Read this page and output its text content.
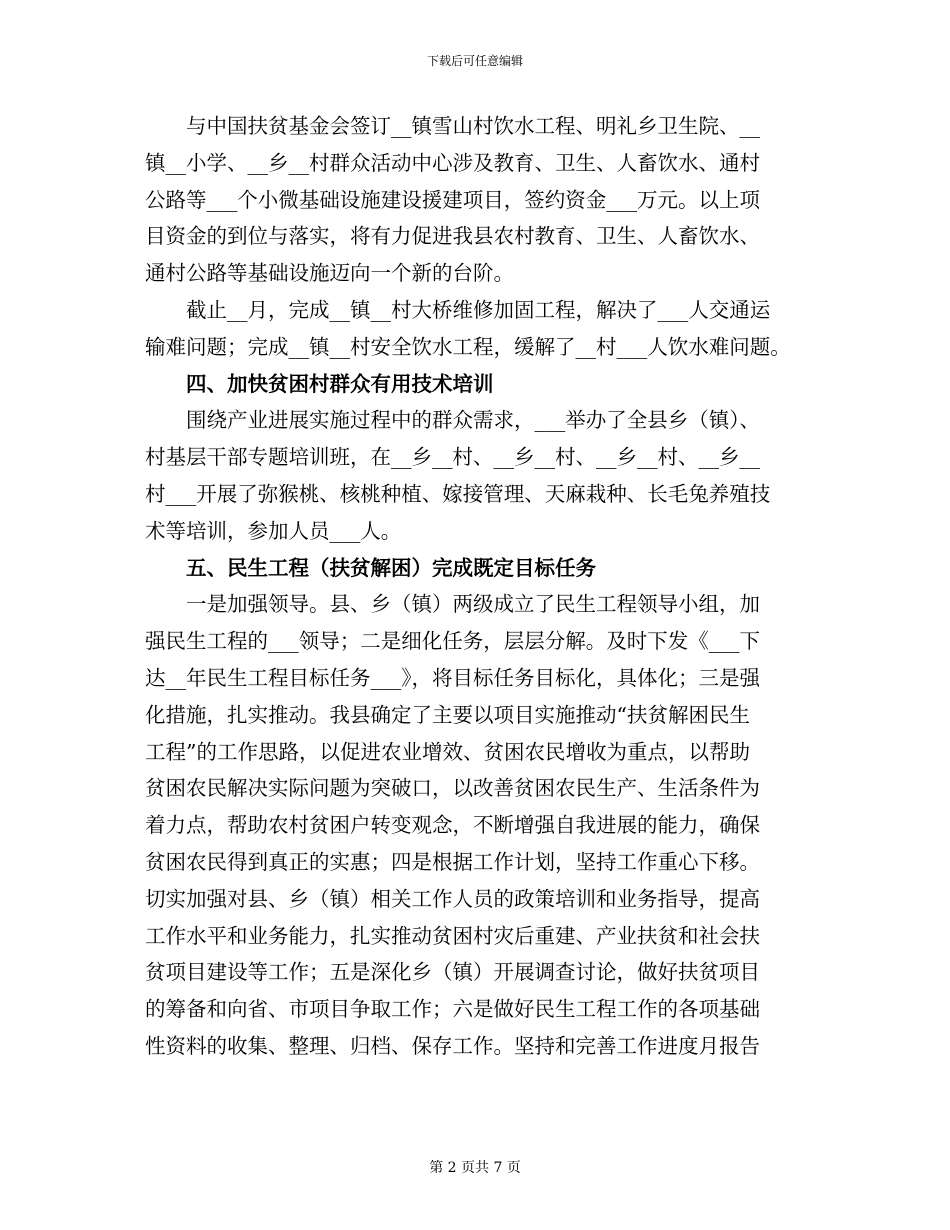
下载后可任意编辑
与中国扶贫基金会签订__镇雪山村饮水工程、明礼乡卫生院、__
镇__小学、__乡__村群众活动中心涉及教育、卫生、人畜饮水、通村
公路等___个小微基础设施建设援建项目，签约资金___万元。以上项
目资金的到位与落实，将有力促进我县农村教育、卫生、人畜饮水、
通村公路等基础设施迈向一个新的台阶。
截止__月，完成__镇__村大桥维修加固工程，解决了___人交通运
输难问题；完成__镇__村安全饮水工程，缓解了__村___人饮水难问题。
四、加快贫困村群众有用技术培训
围绕产业进展实施过程中的群众需求，___举办了全县乡（镇）、
村基层干部专题培训班，在__乡__村、__乡__村、__乡__村、__乡__
村___开展了弥猴桃、核桃种植、嫁接管理、天麻栽种、长毛兔养殖技
术等培训，参加人员___人。
五、民生工程（扶贫解困）完成既定目标任务
一是加强领导。县、乡（镇）两级成立了民生工程领导小组，加
强民生工程的___领导；二是细化任务，层层分解。及时下发《___下
达__年民生工程目标任务___》，将目标任务目标化，具体化；三是强
化措施，扎实推动。我县确定了主要以项目实施推动“扶贫解困民生
工程”的工作思路，以促进农业增效、贫困农民增收为重点，以帮助
贫困农民解决实际问题为突破口，以改善贫困农民生产、生活条件为
着力点，帮助农村贫困户转变观念，不断增强自我进展的能力，确保
贫困农民得到真正的实惠；四是根据工作计划，坚持工作重心下移。
切实加强对县、乡（镇）相关工作人员的政策培训和业务指导，提高
工作水平和业务能力，扎实推动贫困村灾后重建、产业扶贫和社会扶
贫项目建设等工作；五是深化乡（镇）开展调查讨论，做好扶贫项目
的筹备和向省、市项目争取工作；六是做好民生工程工作的各项基础
性资料的收集、整理、归档、保存工作。坚持和完善工作进度月报告
第 2 页共 7 页
